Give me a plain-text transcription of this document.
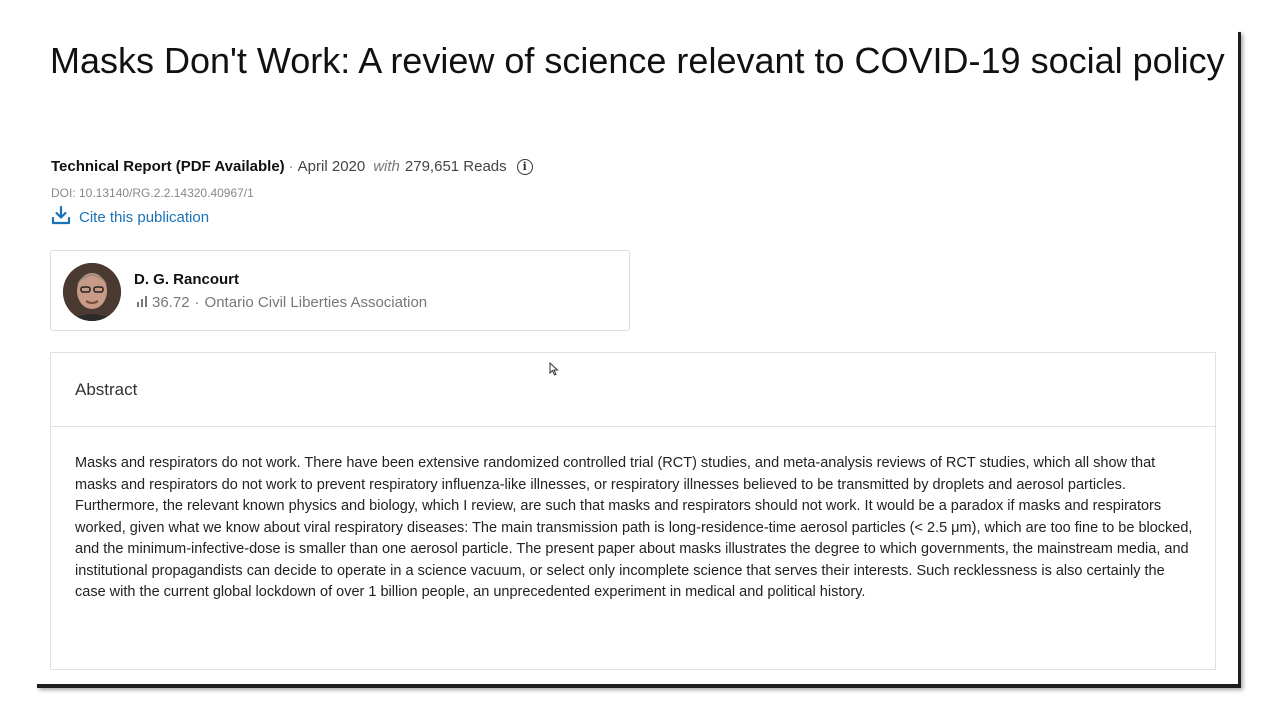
Masks Don't Work: A review of science relevant to COVID-19 social policy
Technical Report (PDF Available) · April 2020 with 279,651 Reads	i
DOI: 10.13140/RG.2.2.14320.40967/1
Cite this publication
D. G. Rancourt
36.72 · Ontario Civil Liberties Association
Abstract

Masks and respirators do not work. There have been extensive randomized controlled trial (RCT) studies, and meta-analysis reviews of RCT studies, which all show that masks and respirators do not work to prevent respiratory influenza-like illnesses, or respiratory illnesses believed to be transmitted by droplets and aerosol particles. Furthermore, the relevant known physics and biology, which I review, are such that masks and respirators should not work. It would be a paradox if masks and respirators worked, given what we know about viral respiratory diseases: The main transmission path is long-residence-time aerosol particles (< 2.5 μm), which are too fine to be blocked, and the minimum-infective-dose is smaller than one aerosol particle. The present paper about masks illustrates the degree to which governments, the mainstream media, and institutional propagandists can decide to operate in a science vacuum, or select only incomplete science that serves their interests. Such recklessness is also certainly the case with the current global lockdown of over 1 billion people, an unprecedented experiment in medical and political history.
